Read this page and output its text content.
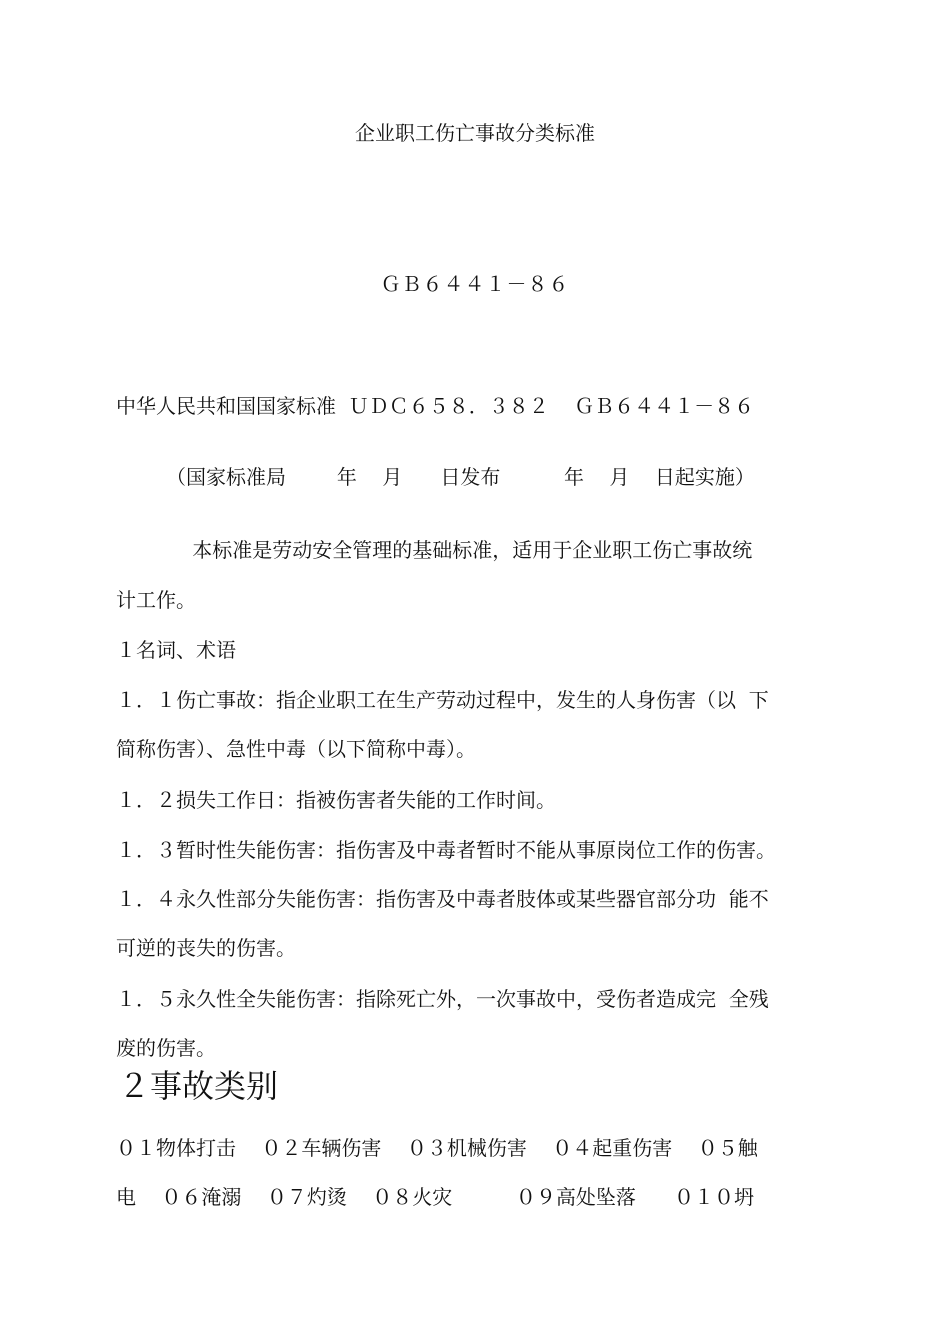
企业职工伤亡事故分类标准
ＧＢ６４４１－８６
中华人民共和国国家标准  ＵＤＣ６５８．３８２    ＧＢ６４４１－８６
（国家标准局        年    月      日发布          年    月    日起实施）
本标准是劳动安全管理的基础标准，适用于企业职工伤亡事故统
计工作。
１名词、术语
１．１伤亡事故：指企业职工在生产劳动过程中，发生的人身伤害（以  下
简称伤害）、急性中毒（以下简称中毒）。
１．２损失工作日：指被伤害者失能的工作时间。
１．３暂时性失能伤害：指伤害及中毒者暂时不能从事原岗位工作的伤害。
１．４永久性部分失能伤害：指伤害及中毒者肢体或某些器官部分功  能不
可逆的丧失的伤害。
１．５永久性全失能伤害：指除死亡外，一次事故中，受伤者造成完  全残
废的伤害。
２事故类别
０１物体打击    ０２车辆伤害    ０３机械伤害    ０４起重伤害    ０５触
电    ０６淹溺    ０７灼烫    ０８火灾          ０９高处坠落      ０１０坍
